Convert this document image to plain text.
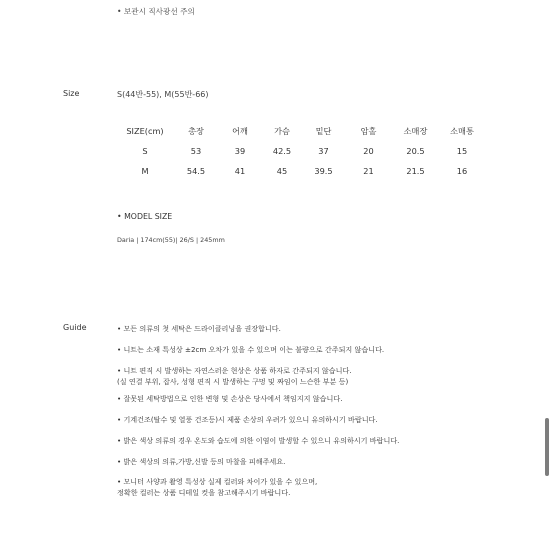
• 보관시 직사광선 주의
Size	S(44반-55), M(55반-66)
SIZE(cm)	총장	어깨	가슴	밑단	암홀	소매장	소매통
S	53	39	42.5	37	20	20.5	15
M	54.5	41	45	39.5	21	21.5	16
• MODEL SIZE
Daria | 174cm(55)| 26/S | 245mm
Guide	• 모든 의류의 첫 세탁은 드라이클리닝을 권장합니다.
• 니트는 소재 특성상 ±2cm 오차가 있을 수 있으며 이는 불량으로 간주되지 않습니다.
• 니트 편직 시 발생하는 자연스러운 현상은 상품 하자로 간주되지 않습니다.
(실 연결 부위, 잡사, 성형 편직 시 발생하는 구멍 및 짜임이 느슨한 부분 등)
• 잘못된 세탁방법으로 인한 변형 및 손상은 당사에서 책임지지 않습니다.
• 기계건조(탈수 및 열풍 건조등)시 제품 손상의 우려가 있으니 유의하시기 바랍니다.
• 밝은 색상 의류의 경우 온도와 습도에 의한 이염이 발생할 수 있으니 유의하시기 바랍니다.
• 밝은 색상의 의류,가방,신발 등의 마찰을 피해주세요.
• 모니터 사양과 촬영 특성상 실제 컬러와 차이가 있을 수 있으며,
정확한 컬러는 상품 디테일 컷을 참고해주시기 바랍니다.
